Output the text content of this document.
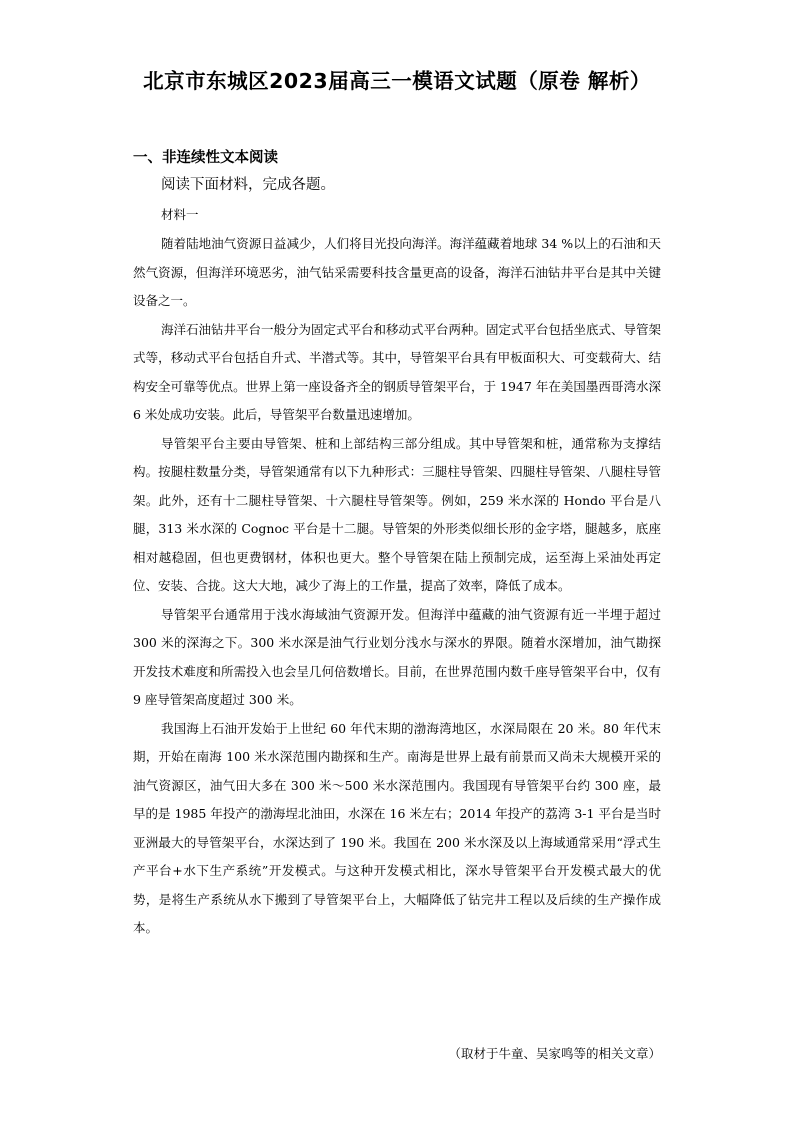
北京市东城区2023届高三一模语文试题（原卷 解析）
一、非连续性文本阅读
阅读下面材料，完成各题。
材料一

随着陆地油气资源日益减少，人们将目光投向海洋。海洋蕴藏着地球 34 %以上的石油和天然气资源，但海洋环境恶劣，油气钻采需要科技含量更高的设备，海洋石油钻井平台是其中关键设备之一。

海洋石油钻井平台一般分为固定式平台和移动式平台两种。固定式平台包括坐底式、导管架式等，移动式平台包括自升式、半潜式等。其中，导管架平台具有甲板面积大、可变载荷大、结构安全可靠等优点。世界上第一座设备齐全的钢质导管架平台，于 1947 年在美国墨西哥湾水深 6 米处成功安装。此后，导管架平台数量迅速增加。

导管架平台主要由导管架、桩和上部结构三部分组成。其中导管架和桩，通常称为支撑结构。按腿柱数量分类，导管架通常有以下九种形式：三腿柱导管架、四腿柱导管架、八腿柱导管架。此外，还有十二腿柱导管架、十六腿柱导管架等。例如，259 米水深的 Hondo 平台是八腿，313 米水深的 Cognoc 平台是十二腿。导管架的外形类似细长形的金字塔，腿越多，底座相对越稳固，但也更费钢材，体积也更大。整个导管架在陆上预制完成，运至海上采油处再定位、安装、合拢。这大大地，减少了海上的工作量，提高了效率，降低了成本。

导管架平台通常用于浅水海域油气资源开发。但海洋中蕴藏的油气资源有近一半埋于超过 300 米的深海之下。300 米水深是油气行业划分浅水与深水的界限。随着水深增加，油气勘探开发技术难度和所需投入也会呈几何倍数增长。目前，在世界范围内数千座导管架平台中，仅有 9 座导管架高度超过 300 米。

我国海上石油开发始于上世纪 60 年代末期的渤海湾地区，水深局限在 20 米。80 年代末期，开始在南海 100 米水深范围内勘探和生产。南海是世界上最有前景而又尚未大规模开采的油气资源区，油气田大多在 300 米～500 米水深范围内。我国现有导管架平台约 300 座，最早的是 1985 年投产的渤海埕北油田，水深在 16 米左右；2014 年投产的荔湾 3-1 平台是当时亚洲最大的导管架平台，水深达到了 190 米。我国在 200 米水深及以上海域通常采用“浮式生产平台+水下生产系统”开发模式。与这种开发模式相比，深水导管架平台开发模式最大的优势，是将生产系统从水下搬到了导管架平台上，大幅降低了钻完井工程以及后续的生产操作成本。

（取材于牛童、吴家鸣等的相关文章）
